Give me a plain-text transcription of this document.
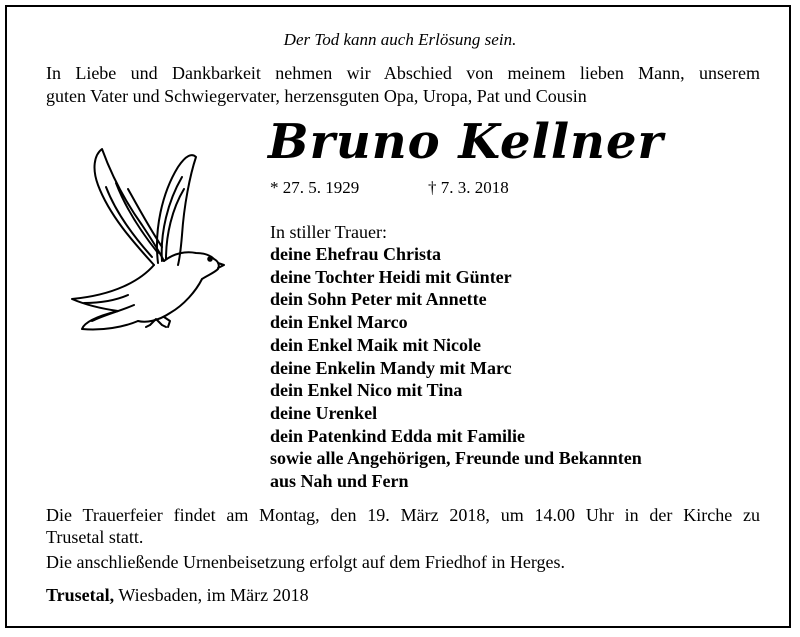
Der Tod kann auch Erlösung sein.
In Liebe und Dankbarkeit nehmen wir Abschied von meinem lieben Mann, unserem
guten Vater und Schwiegervater, herzensguten Opa, Uropa, Pat und Cousin
Bruno Kellner
* 27. 5. 1929	† 7. 3. 2018
In stiller Trauer:
deine Ehefrau Christa
deine Tochter Heidi mit Günter
dein Sohn Peter mit Annette
dein Enkel Marco
dein Enkel Maik mit Nicole
deine Enkelin Mandy mit Marc
dein Enkel Nico mit Tina
deine Urenkel
dein Patenkind Edda mit Familie
sowie alle Angehörigen, Freunde und Bekannten
aus Nah und Fern
Die Trauerfeier findet am Montag, den 19. März 2018, um 14.00 Uhr in der Kirche zu
Trusetal statt.
Die anschließende Urnenbeisetzung erfolgt auf dem Friedhof in Herges.
Trusetal, Wiesbaden, im März 2018
